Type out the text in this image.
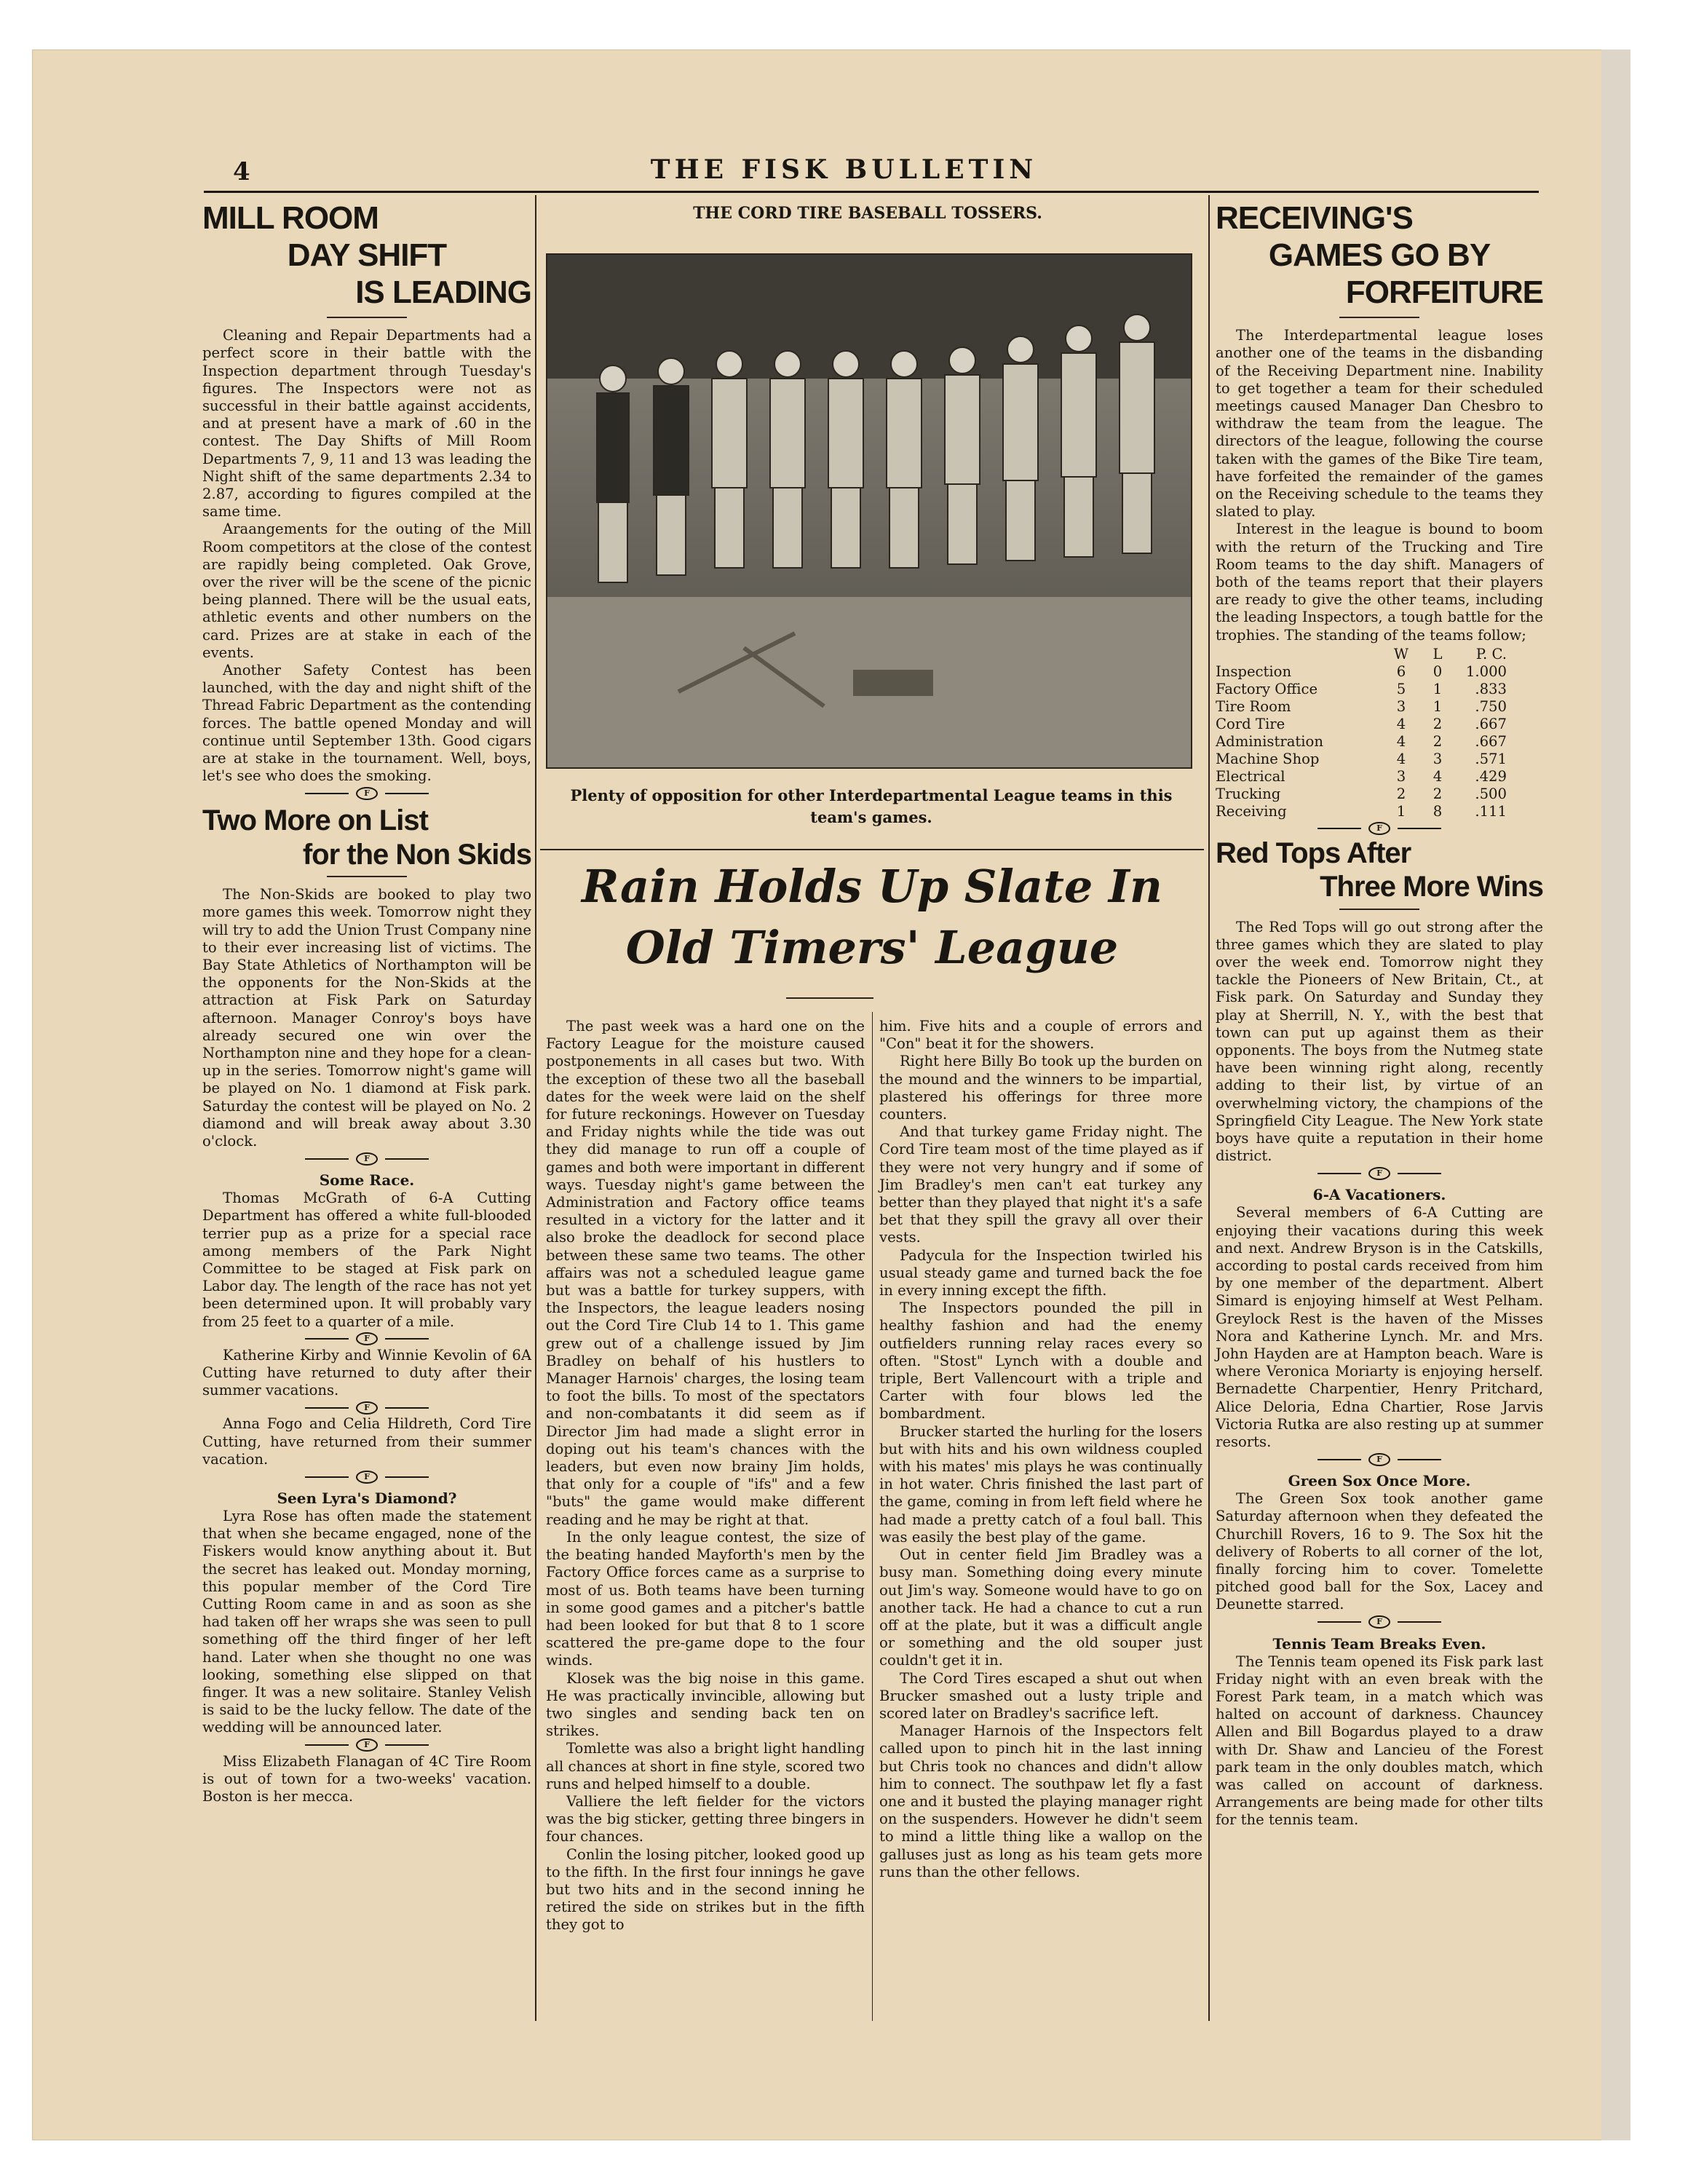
4	THE FISK BULLETIN
MILL ROOM
DAY SHIFT
IS LEADING

Cleaning and Repair Departments had a perfect score in their battle with the Inspection department through Tuesday's figures. The Inspectors were not as successful in their battle against accidents, and at present have a mark of .60 in the contest. The Day Shifts of Mill Room Departments 7, 9, 11 and 13 was leading the Night shift of the same departments 2.34 to 2.87, according to figures compiled at the same time.

Araangements for the outing of the Mill Room competitors at the close of the contest are rapidly being completed. Oak Grove, over the river will be the scene of the picnic being planned. There will be the usual eats, athletic events and other numbers on the card. Prizes are at stake in each of the events.

Another Safety Contest has been launched, with the day and night shift of the Thread Fabric Department as the contending forces. The battle opened Monday and will continue until September 13th. Good cigars are at stake in the tournament. Well, boys, let's see who does the smoking.

F
Two More on List
for the Non Skids

The Non-Skids are booked to play two more games this week. Tomorrow night they will try to add the Union Trust Company nine to their ever increasing list of victims. The Bay State Athletics of Northampton will be the opponents for the Non-Skids at the attraction at Fisk Park on Saturday afternoon. Manager Conroy's boys have already secured one win over the Northampton nine and they hope for a clean-up in the series. Tomorrow night's game will be played on No. 1 diamond at Fisk park. Saturday the contest will be played on No. 2 diamond and will break away about 3.30 o'clock.

F
Some Race.

Thomas McGrath of 6-A Cutting Department has offered a white full-blooded terrier pup as a prize for a special race among members of the Park Night Committee to be staged at Fisk park on Labor day. The length of the race has not yet been determined upon. It will probably vary from 25 feet to a quarter of a mile.

F

Katherine Kirby and Winnie Kevolin of 6A Cutting have returned to duty after their summer vacations.

F

Anna Fogo and Celia Hildreth, Cord Tire Cutting, have returned from their summer vacation.

F
Seen Lyra's Diamond?

Lyra Rose has often made the statement that when she became engaged, none of the Fiskers would know anything about it. But the secret has leaked out. Monday morning, this popular member of the Cord Tire Cutting Room came in and as soon as she had taken off her wraps she was seen to pull something off the third finger of her left hand. Later when she thought no one was looking, something else slipped on that finger. It was a new solitaire. Stanley Velish is said to be the lucky fellow. The date of the wedding will be announced later.

F

Miss Elizabeth Flanagan of 4C Tire Room is out of town for a two-weeks' vacation. Boston is her mecca.

THE CORD TIRE BASEBALL TOSSERS.
Plenty of opposition for other Interdepartmental League teams in this team's games.
Rain Holds Up Slate In
Old Timers' League

The past week was a hard one on the Factory League for the moisture caused postponements in all cases but two. With the exception of these two all the baseball dates for the week were laid on the shelf for future reckonings. However on Tuesday and Friday nights while the tide was out they did manage to run off a couple of games and both were important in different ways. Tuesday night's game between the Administration and Factory office teams resulted in a victory for the latter and it also broke the deadlock for second place between these same two teams. The other affairs was not a scheduled league game but was a battle for turkey suppers, with the Inspectors, the league leaders nosing out the Cord Tire Club 14 to 1. This game grew out of a challenge issued by Jim Bradley on behalf of his hustlers to Manager Harnois' charges, the losing team to foot the bills. To most of the spectators and non-combatants it did seem as if Director Jim had made a slight error in doping out his team's chances with the leaders, but even now brainy Jim holds, that only for a couple of "ifs" and a few "buts" the game would make different reading and he may be right at that.

In the only league contest, the size of the beating handed Mayforth's men by the Factory Office forces came as a surprise to most of us. Both teams have been turning in some good games and a pitcher's battle had been looked for but that 8 to 1 score scattered the pre-game dope to the four winds.

Klosek was the big noise in this game. He was practically invincible, allowing but two singles and sending back ten on strikes.

Tomlette was also a bright light handling all chances at short in fine style, scored two runs and helped himself to a double.

Valliere the left fielder for the victors was the big sticker, getting three bingers in four chances.

Conlin the losing pitcher, looked good up to the fifth. In the first four innings he gave but two hits and in the second inning he retired the side on strikes but in the fifth they got to

him. Five hits and a couple of errors and "Con" beat it for the showers.

Right here Billy Bo took up the burden on the mound and the winners to be impartial, plastered his offerings for three more counters.

And that turkey game Friday night. The Cord Tire team most of the time played as if they were not very hungry and if some of Jim Bradley's men can't eat turkey any better than they played that night it's a safe bet that they spill the gravy all over their vests.

Padycula for the Inspection twirled his usual steady game and turned back the foe in every inning except the fifth.

The Inspectors pounded the pill in healthy fashion and had the enemy outfielders running relay races every so often. "Stost" Lynch with a double and triple, Bert Vallencourt with a triple and Carter with four blows led the bombardment.

Brucker started the hurling for the losers but with hits and his own wildness coupled with his mates' mis plays he was continually in hot water. Chris finished the last part of the game, coming in from left field where he had made a pretty catch of a foul ball. This was easily the best play of the game.

Out in center field Jim Bradley was a busy man. Something doing every minute out Jim's way. Someone would have to go on another tack. He had a chance to cut a run off at the plate, but it was a difficult angle or something and the old souper just couldn't get it in.

The Cord Tires escaped a shut out when Brucker smashed out a lusty triple and scored later on Bradley's sacrifice left.

Manager Harnois of the Inspectors felt called upon to pinch hit in the last inning but Chris took no chances and didn't allow him to connect. The southpaw let fly a fast one and it busted the playing manager right on the suspenders. However he didn't seem to mind a little thing like a wallop on the galluses just as long as his team gets more runs than the other fellows.

RECEIVING'S
GAMES GO BY
FORFEITURE

The Interdepartmental league loses another one of the teams in the disbanding of the Receiving Department nine. Inability to get together a team for their scheduled meetings caused Manager Dan Chesbro to withdraw the team from the league. The directors of the league, following the course taken with the games of the Bike Tire team, have forfeited the remainder of the games on the Receiving schedule to the teams they slated to play.

Interest in the league is bound to boom with the return of the Trucking and Tire Room teams to the day shift. Managers of both of the teams report that their players are ready to give the other teams, including the leading Inspectors, a tough battle for the trophies. The standing of the teams follow;

	W	L	P. C.
Inspection	6	0	1.000
Factory Office	5	1	.833
Tire Room	3	1	.750
Cord Tire	4	2	.667
Administration	4	2	.667
Machine Shop	4	3	.571
Electrical	3	4	.429
Trucking	2	2	.500
Receiving	1	8	.111
F
Red Tops After
Three More Wins

The Red Tops will go out strong after the three games which they are slated to play over the week end. Tomorrow night they tackle the Pioneers of New Britain, Ct., at Fisk park. On Saturday and Sunday they play at Sherrill, N. Y., with the best that town can put up against them as their opponents. The boys from the Nutmeg state have been winning right along, recently adding to their list, by virtue of an overwhelming victory, the champions of the Springfield City League. The New York state boys have quite a reputation in their home district.

F
6-A Vacationers.

Several members of 6-A Cutting are enjoying their vacations during this week and next. Andrew Bryson is in the Catskills, according to postal cards received from him by one member of the department. Albert Simard is enjoying himself at West Pelham. Greylock Rest is the haven of the Misses Nora and Katherine Lynch. Mr. and Mrs. John Hayden are at Hampton beach. Ware is where Veronica Moriarty is enjoying herself. Bernadette Charpentier, Henry Pritchard, Alice Deloria, Edna Chartier, Rose Jarvis Victoria Rutka are also resting up at summer resorts.

F
Green Sox Once More.

The Green Sox took another game Saturday afternoon when they defeated the Churchill Rovers, 16 to 9. The Sox hit the delivery of Roberts to all corner of the lot, finally forcing him to cover. Tomelette pitched good ball for the Sox, Lacey and Deunette starred.

F
Tennis Team Breaks Even.

The Tennis team opened its Fisk park last Friday night with an even break with the Forest Park team, in a match which was halted on account of darkness. Chauncey Allen and Bill Bogardus played to a draw with Dr. Shaw and Lancieu of the Forest park team in the only doubles match, which was called on account of darkness. Arrangements are being made for other tilts for the tennis team.
